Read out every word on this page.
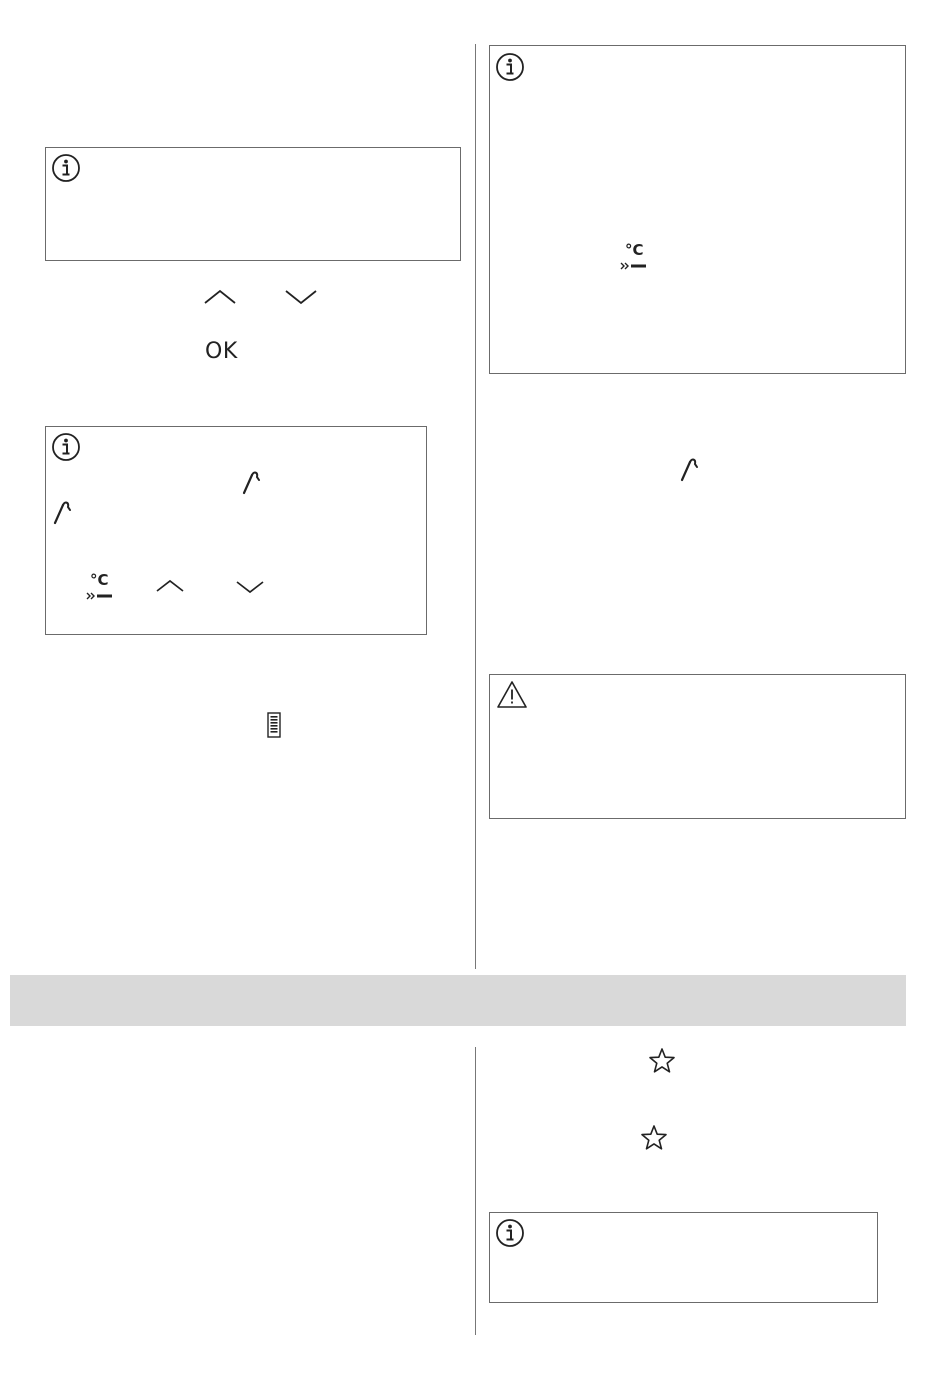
OK
°C
°C
